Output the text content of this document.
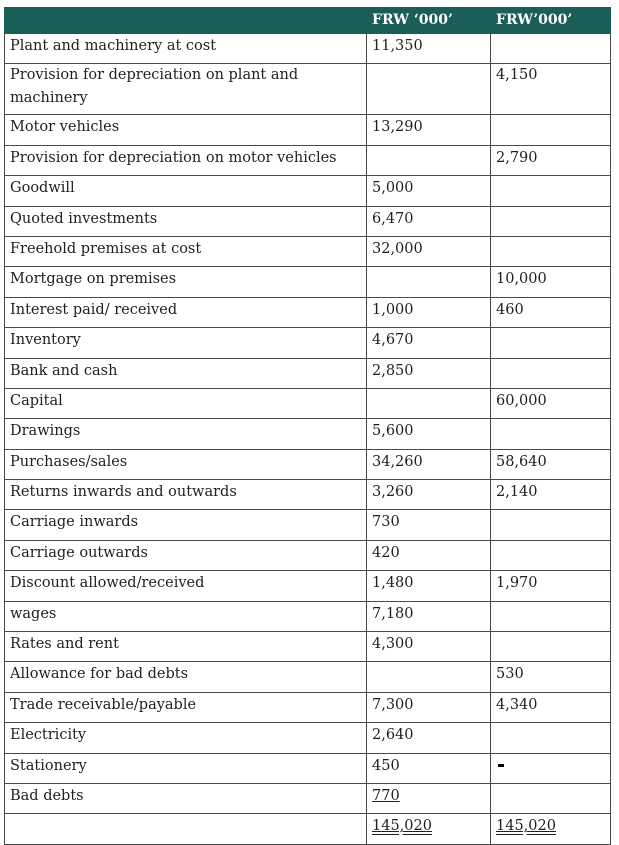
	FRW ‘000’	FRW’000’
Plant and machinery at cost	11,350	
Provision for depreciation on plant and machinery		4,150
Motor vehicles	13,290	
Provision for depreciation on motor vehicles		2,790
Goodwill	5,000	
Quoted investments	6,470	
Freehold premises at cost	32,000	
Mortgage on premises		10,000
Interest paid/ received	1,000	460
Inventory	4,670	
Bank and cash	2,850	
Capital		60,000
Drawings	5,600	
Purchases/sales	34,260	58,640
Returns inwards and outwards	3,260	2,140
Carriage inwards	730	
Carriage outwards	420	
Discount allowed/received	1,480	1,970
wages	7,180	
Rates and rent	4,300	
Allowance for bad debts		530
Trade receivable/payable	7,300	4,340
Electricity	2,640	
Stationery	450	
Bad debts	770	
	145,020	145,020
